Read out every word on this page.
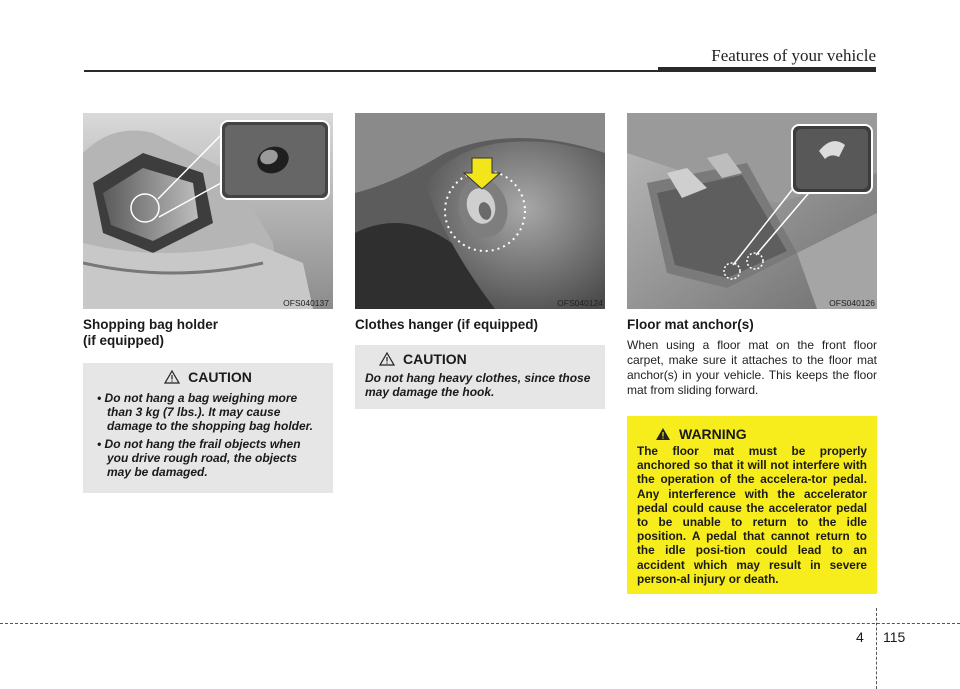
Features of your vehicle
OFS040137
Shopping bag holder
(if equipped)
CAUTION
• Do not hang a bag weighing more than 3 kg (7 lbs.). It may cause damage to the shopping bag holder.
• Do not hang the frail objects when you drive rough road, the objects may be damaged.
OFS040124
Clothes hanger (if equipped)
CAUTION
Do not hang heavy clothes, since those may damage the hook.
OFS040126
Floor mat anchor(s)
When using a floor mat on the front floor carpet, make sure it attaches to the floor mat anchor(s) in your vehicle. This keeps the floor mat from sliding forward.
WARNING
The floor mat must be properly anchored so that it will not interfere with the operation of the accelera-tor pedal. Any interference with the accelerator pedal could cause the accelerator pedal to be unable to return to the idle position. A pedal that cannot return to the idle posi-tion could lead to an accident which may result in severe person-al injury or death.
4 115
